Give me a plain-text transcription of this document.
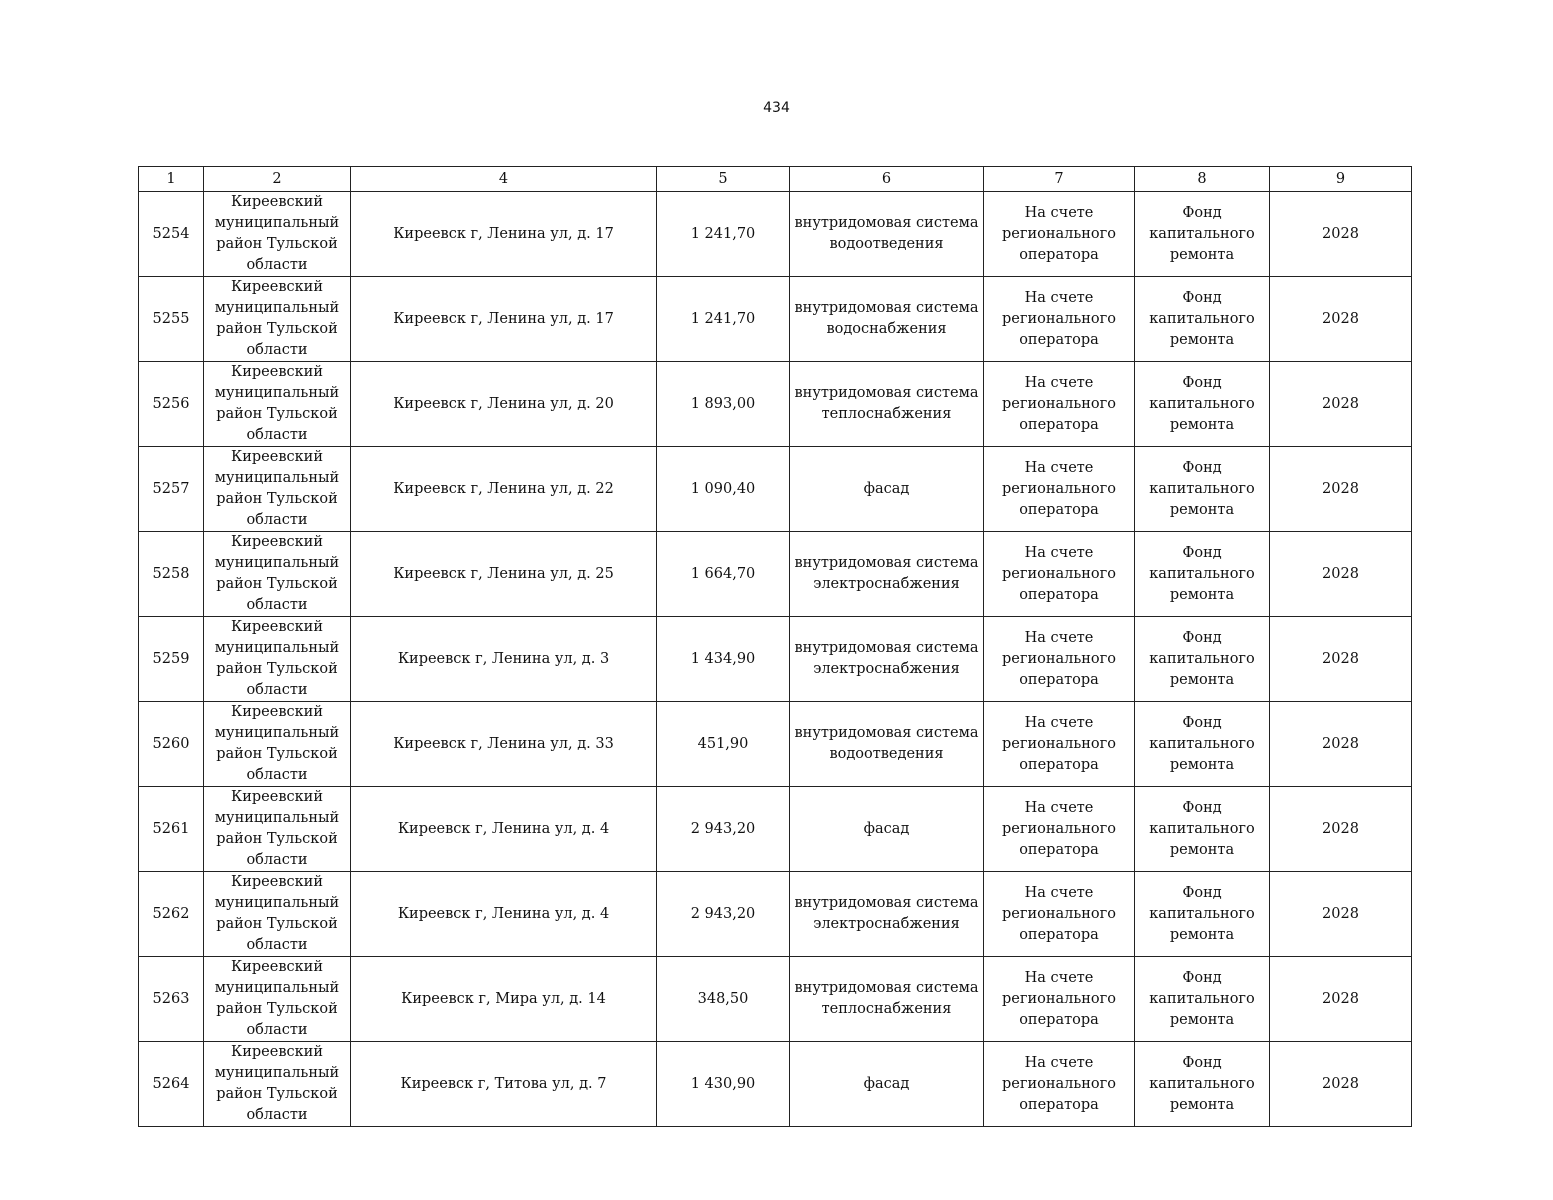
434
1	2	4	5	6	7	8	9
5254	Киреевский муниципальный район Тульской области	Киреевск г, Ленина ул, д. 17	1 241,70	внутридомовая система водоотведения	На счете регионального оператора	Фонд капитального ремонта	2028
5255	Киреевский муниципальный район Тульской области	Киреевск г, Ленина ул, д. 17	1 241,70	внутридомовая система водоснабжения	На счете регионального оператора	Фонд капитального ремонта	2028
5256	Киреевский муниципальный район Тульской области	Киреевск г, Ленина ул, д. 20	1 893,00	внутридомовая система теплоснабжения	На счете регионального оператора	Фонд капитального ремонта	2028
5257	Киреевский муниципальный район Тульской области	Киреевск г, Ленина ул, д. 22	1 090,40	фасад	На счете регионального оператора	Фонд капитального ремонта	2028
5258	Киреевский муниципальный район Тульской области	Киреевск г, Ленина ул, д. 25	1 664,70	внутридомовая система электроснабжения	На счете регионального оператора	Фонд капитального ремонта	2028
5259	Киреевский муниципальный район Тульской области	Киреевск г, Ленина ул, д. 3	1 434,90	внутридомовая система электроснабжения	На счете регионального оператора	Фонд капитального ремонта	2028
5260	Киреевский муниципальный район Тульской области	Киреевск г, Ленина ул, д. 33	451,90	внутридомовая система водоотведения	На счете регионального оператора	Фонд капитального ремонта	2028
5261	Киреевский муниципальный район Тульской области	Киреевск г, Ленина ул, д. 4	2 943,20	фасад	На счете регионального оператора	Фонд капитального ремонта	2028
5262	Киреевский муниципальный район Тульской области	Киреевск г, Ленина ул, д. 4	2 943,20	внутридомовая система электроснабжения	На счете регионального оператора	Фонд капитального ремонта	2028
5263	Киреевский муниципальный район Тульской области	Киреевск г, Мира ул, д. 14	348,50	внутридомовая система теплоснабжения	На счете регионального оператора	Фонд капитального ремонта	2028
5264	Киреевский муниципальный район Тульской области	Киреевск г, Титова ул, д. 7	1 430,90	фасад	На счете регионального оператора	Фонд капитального ремонта	2028
